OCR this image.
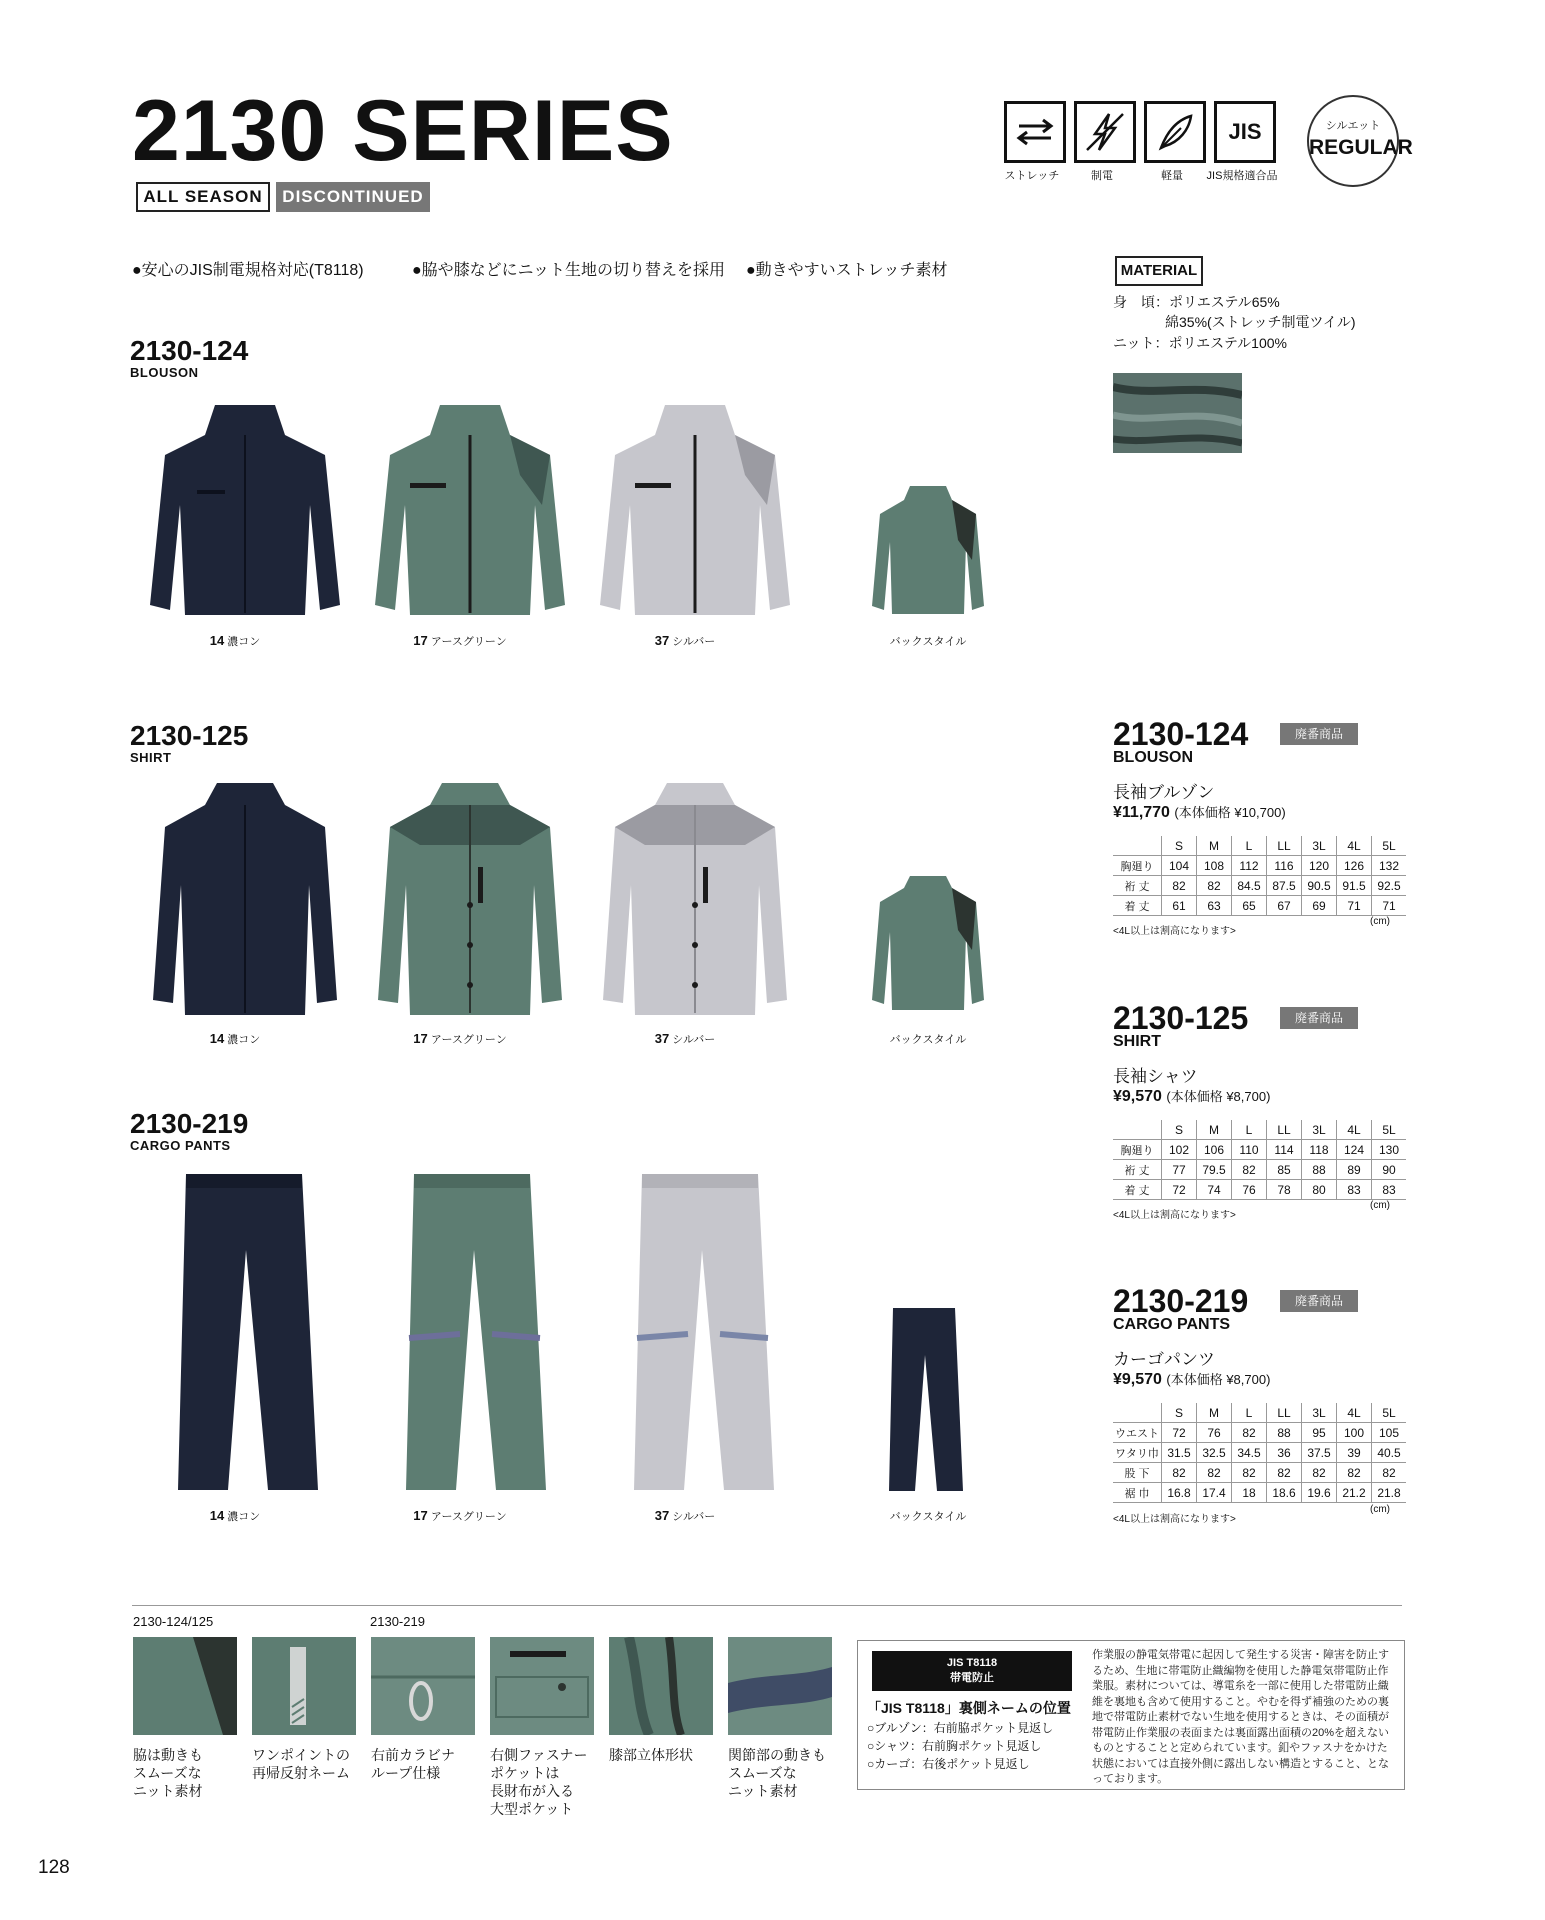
2130 SERIES
ALL SEASON	DISCONTINUED
JIS
ストレッチ	制電	軽量	JIS規格適合品
シルエット
REGULAR
●安心のJIS制電規格対応(T8118)	●脇や膝などにニット生地の切り替えを採用 ●動きやすいストレッチ素材	MATERIAL
身　頃：ポリエステル65%
綿35%(ストレッチ制電ツイル)
ニット：ポリエステル100%
2130-124
BLOUSON
14 濃コン	17 アースグリーン	37 シルバー	バックスタイル
2130-125
SHIRT
14 濃コン	17 アースグリーン	37 シルバー	バックスタイル
2130-219
CARGO PANTS
14 濃コン	17 アースグリーン	37 シルバー	バックスタイル
2130-124	廃番商品
BLOUSON
長袖ブルゾン
¥11,770 (本体価格 ¥10,700)
	S	M	L	LL	3L	4L	5L
胸廻り	104	108	112	116	120	126	132
裄 丈	82	82	84.5	87.5	90.5	91.5	92.5
着 丈	61	63	65	67	69	71	71
<4L以上は割高になります>
(cm)
2130-125	廃番商品
SHIRT
長袖シャツ
¥9,570 (本体価格 ¥8,700)
	S	M	L	LL	3L	4L	5L
胸廻り	102	106	110	114	118	124	130
裄 丈	77	79.5	82	85	88	89	90
着 丈	72	74	76	78	80	83	83
<4L以上は割高になります>
(cm)
2130-219	廃番商品
CARGO PANTS
カーゴパンツ
¥9,570 (本体価格 ¥8,700)
	S	M	L	LL	3L	4L	5L
ウエスト	72	76	82	88	95	100	105
ワタリ巾	31.5	32.5	34.5	36	37.5	39	40.5
股 下	82	82	82	82	82	82	82
裾 巾	16.8	17.4	18	18.6	19.6	21.2	21.8
<4L以上は割高になります>
(cm)
2130-124/125	2130-219
脇は動きも
スムーズな
ニット素材
ワンポイントの
再帰反射ネーム
右前カラビナ
ループ仕様
右側ファスナー
ポケットは
長財布が入る
大型ポケット
膝部立体形状	関節部の動きも
スムーズな
ニット素材
JIS T8118
帯電防止
「JIS T8118」裏側ネームの位置
○ブルゾン：右前脇ポケット見返し
○シャツ：右前胸ポケット見返し
○カーゴ：右後ポケット見返し
作業服の静電気帯電に起因して発生する災害・障害を防止するため、生地に帯電防止織編物を使用した静電気帯電防止作業服。素材については、導電糸を一部に使用した帯電防止織維を裏地も含めて使用すること。やむを得ず補強のための裏地で帯電防止素材でない生地を使用するときは、その面積が帯電防止作業服の表面または裏面露出面積の20%を超えないものとすることと定められています。釦やファスナをかけた状態においては直接外側に露出しない構造とすること、となっております。
128
